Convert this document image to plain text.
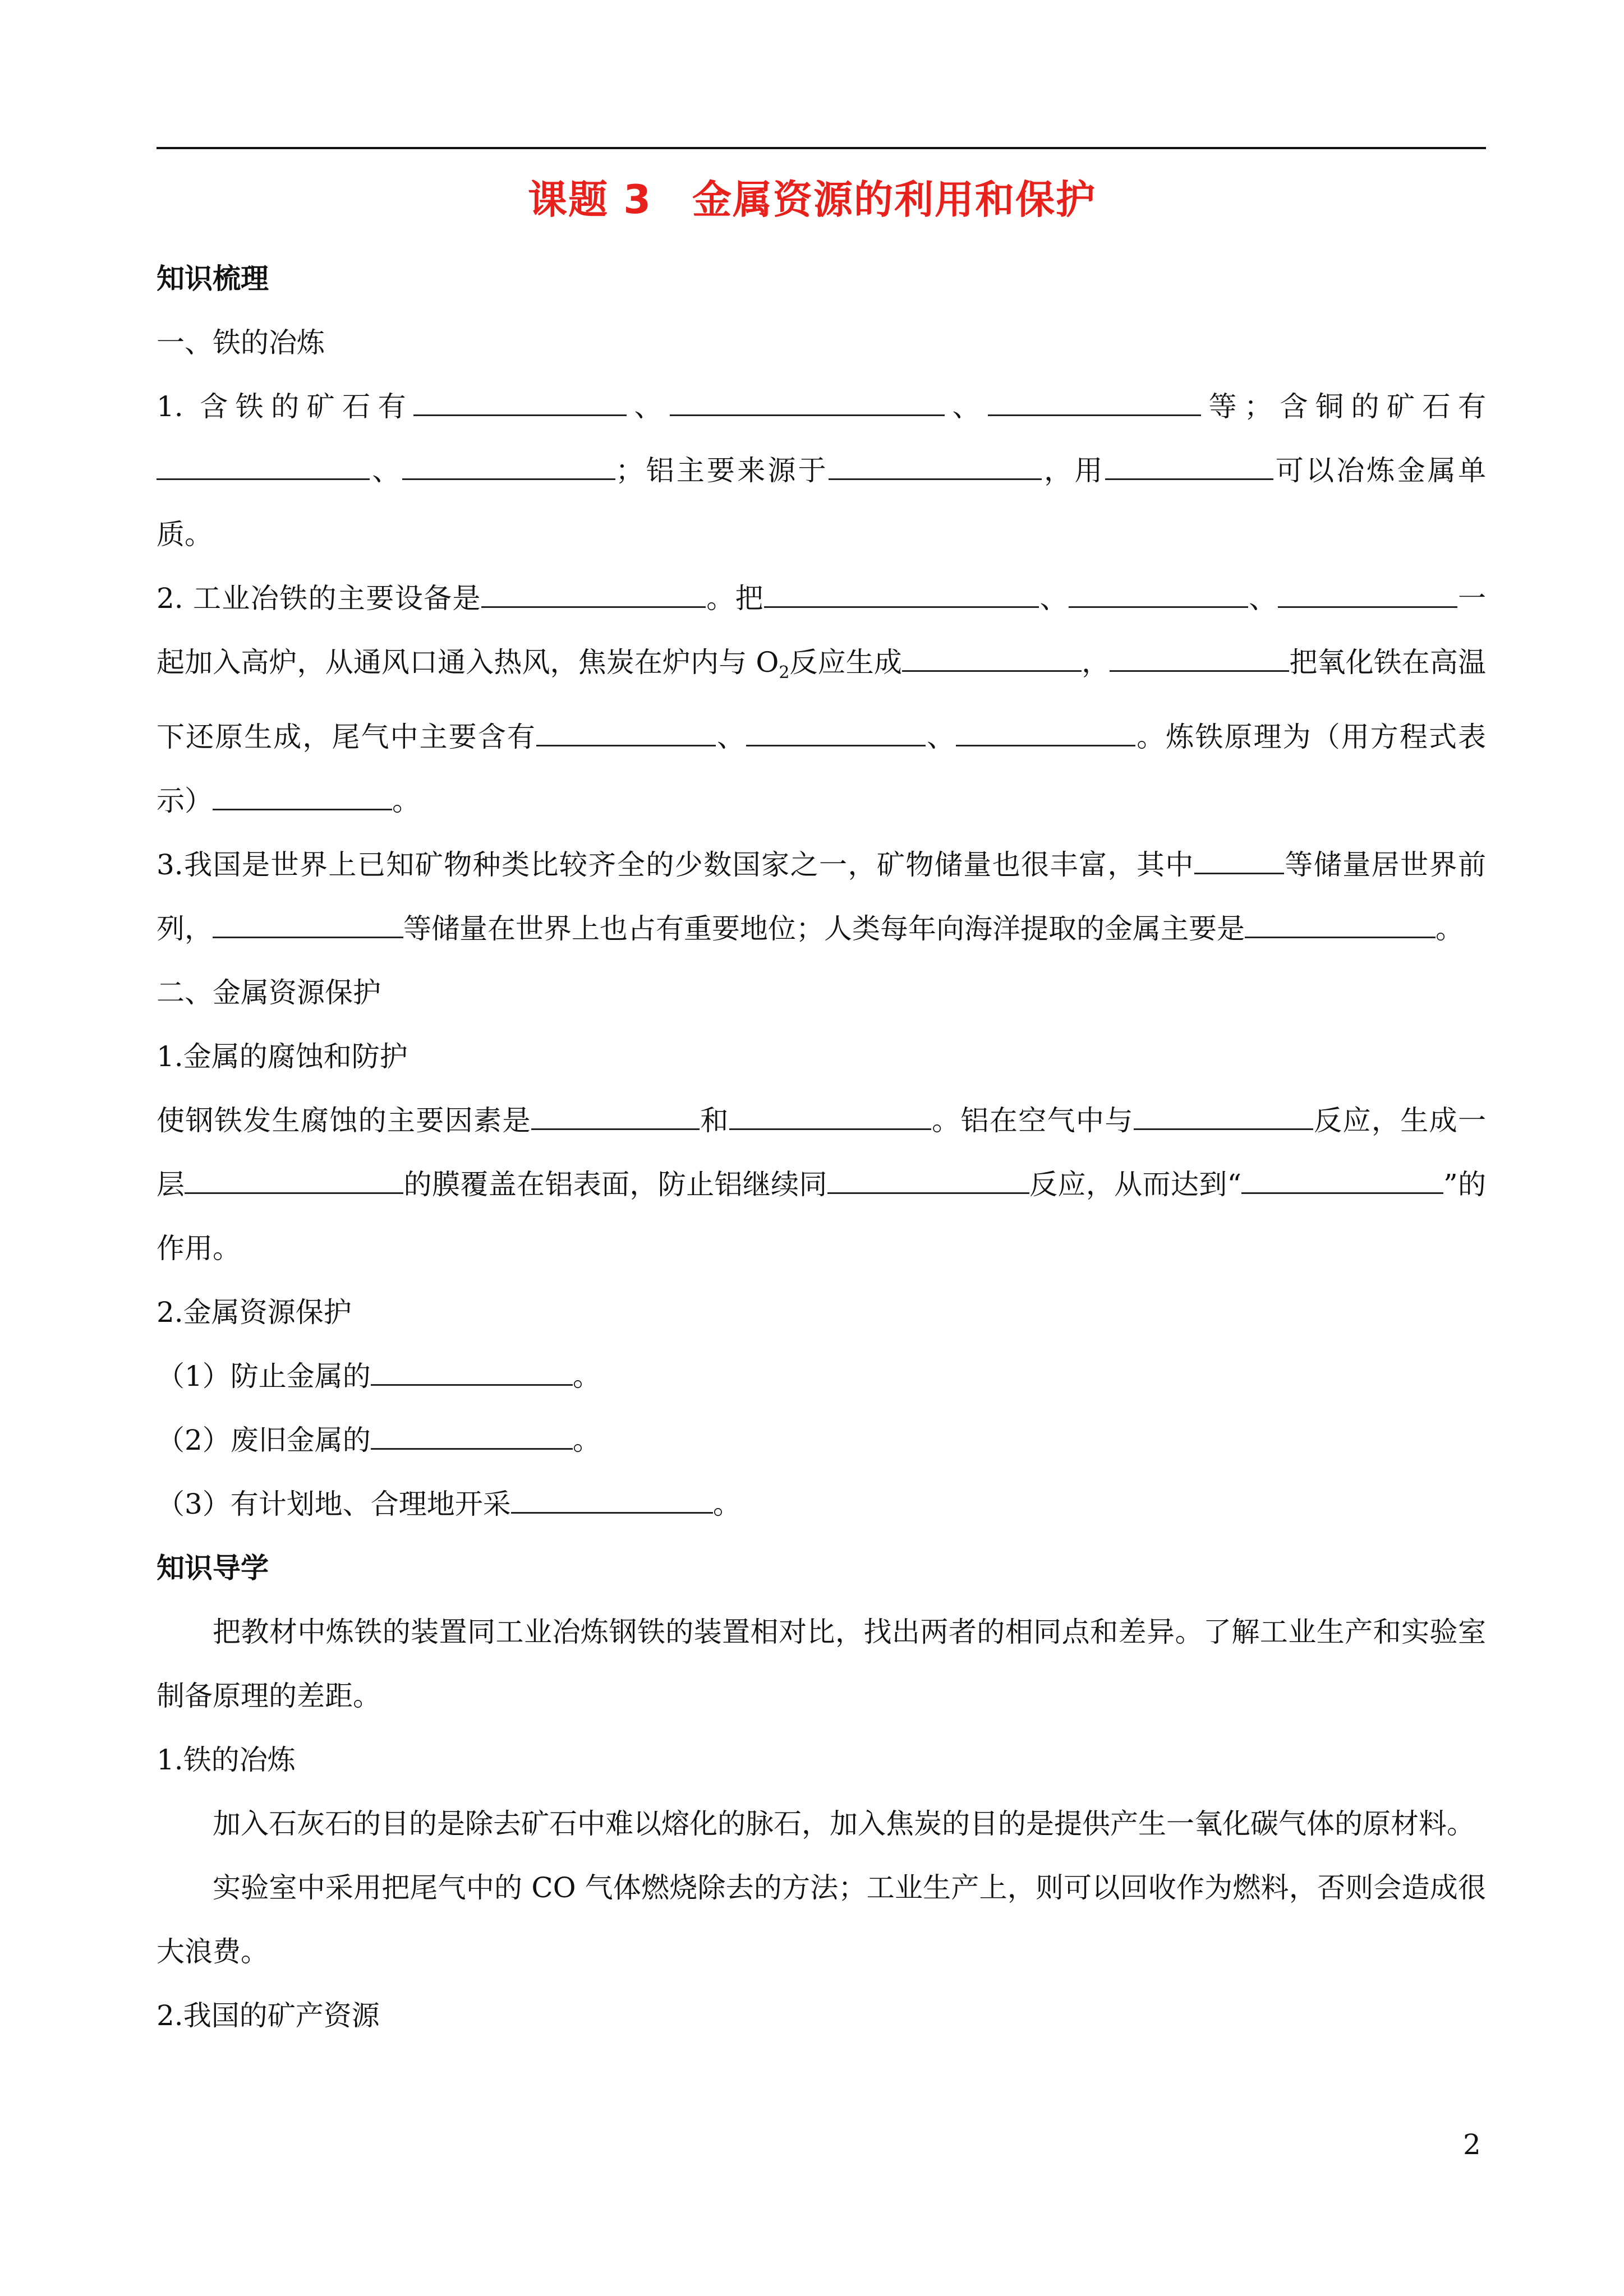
课题 3　金属资源的利用和保护

知识梳理

一、铁的冶炼

1. 含铁的矿石有	、	、	等；含铜的矿石有、	；铝主要来源于	，用	可以冶炼金属单质。

2. 工业冶铁的主要设备是	。把	、	、	一起加入高炉，从通风口通入热风，焦炭在炉内与 $O_2$反应生成	，	把氧化铁在高温下还原生成，尾气中主要含有	、	、	。炼铁原理为（用方程式表示）	。

3.我国是世界上已知矿物种类比较齐全的少数国家之一，矿物储量也很丰富，其中	等储量居世界前列，	等储量在世界上也占有重要地位；人类每年向海洋提取的金属主要是	。

二、金属资源保护

1.金属的腐蚀和防护

使钢铁发生腐蚀的主要因素是	和	。铝在空气中与	反应，生成一层	的膜覆盖在铝表面，防止铝继续同	反应，从而达到“	”的作用。

2.金属资源保护

（1）防止金属的	。

（2）废旧金属的	。

（3）有计划地、合理地开采	。

知识导学

把教材中炼铁的装置同工业冶炼钢铁的装置相对比，找出两者的相同点和差异。了解工业生产和实验室制备原理的差距。

1.铁的冶炼

加入石灰石的目的是除去矿石中难以熔化的脉石，加入焦炭的目的是提供产生一氧化碳气体的原材料。

实验室中采用把尾气中的 CO 气体燃烧除去的方法；工业生产上，则可以回收作为燃料，否则会造成很大浪费。

2.我国的矿产资源

2
